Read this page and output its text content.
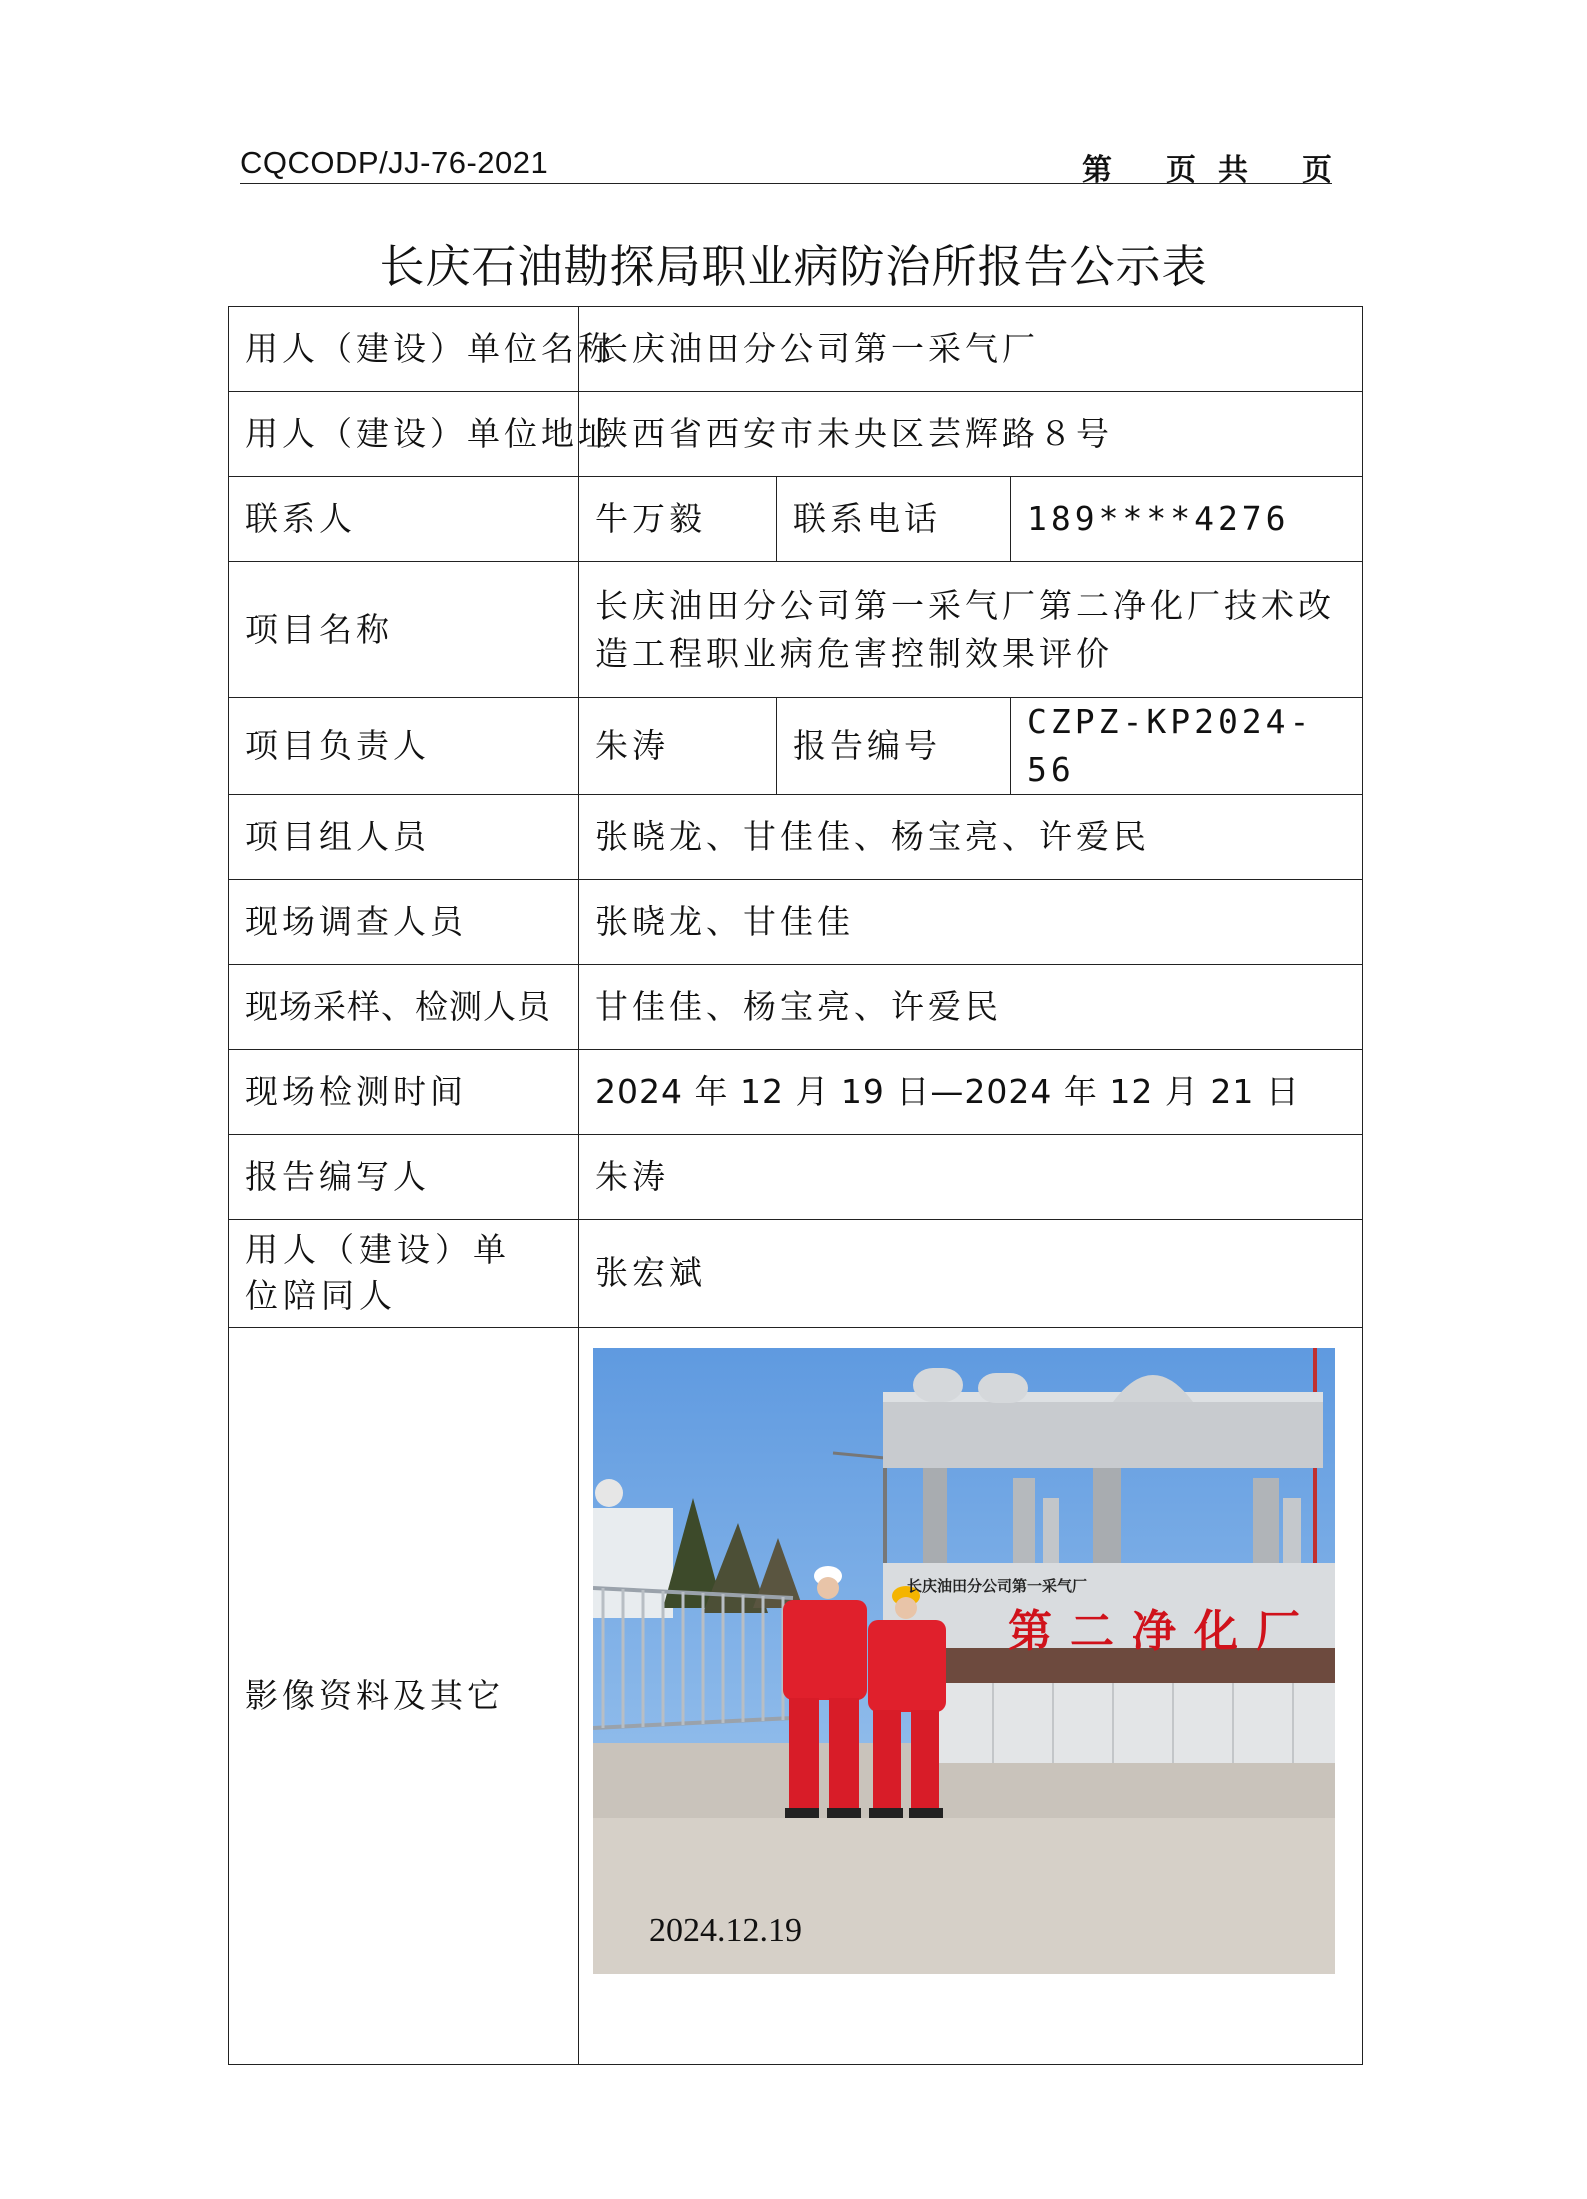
CQCODP/JJ-76-2021	第 页 共 页
长庆石油勘探局职业病防治所报告公示表
用人（建设）单位名称	长庆油田分公司第一采气厂		
用人（建设）单位地址	陕西省西安市未央区芸辉路８号		
联系人	牛万毅	联系电话	189****4276
项目名称	长庆油田分公司第一采气厂第二净化厂技术改造工程职业病危害控制效果评价		
项目负责人	朱涛	报告编号	CZPZ-KP2024-56
项目组人员	张晓龙、甘佳佳、杨宝亮、许爱民		
现场调查人员	张晓龙、甘佳佳		
现场采样、检测人员	甘佳佳、杨宝亮、许爱民		
现场检测时间	2024 年 12 月 19 日—2024 年 12 月 21 日		
报告编写人	朱涛		
用人（建设）单位陪同人	张宏斌		
影像资料及其它	长庆油田分公司第一采气厂
第二净化厂
2024.12.19		
